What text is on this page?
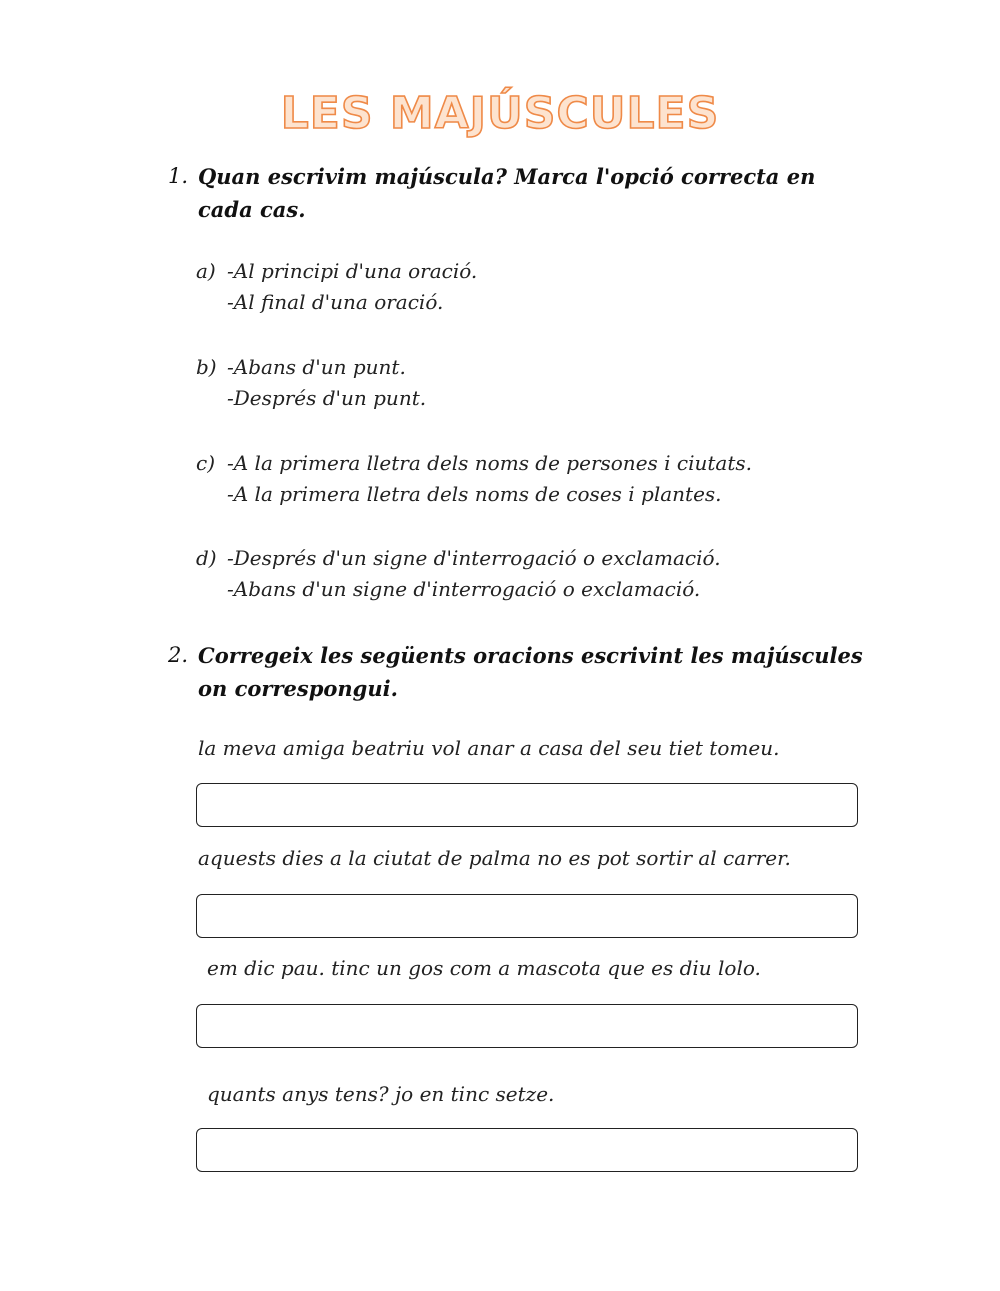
LES MAJÚSCULES
1. Quan escrivim majúscula? Marca l'opció correcta en cada cas.
a) -Al principi d'una oració.
-Al final d'una oració.
b) -Abans d'un punt.
-Després d'un punt.
c) -A la primera lletra dels noms de persones i ciutats.
-A la primera lletra dels noms de coses i plantes.
d) -Després d'un signe d'interrogació o exclamació.
-Abans d'un signe d'interrogació o exclamació.
2. Corregeix les següents oracions escrivint les majúscules on correspongui.
la meva amiga beatriu vol anar a casa del seu tiet tomeu.
aquests dies a la ciutat de palma no es pot sortir al carrer.
em dic pau. tinc un gos com a mascota que es diu lolo.
quants anys tens? jo en tinc setze.
